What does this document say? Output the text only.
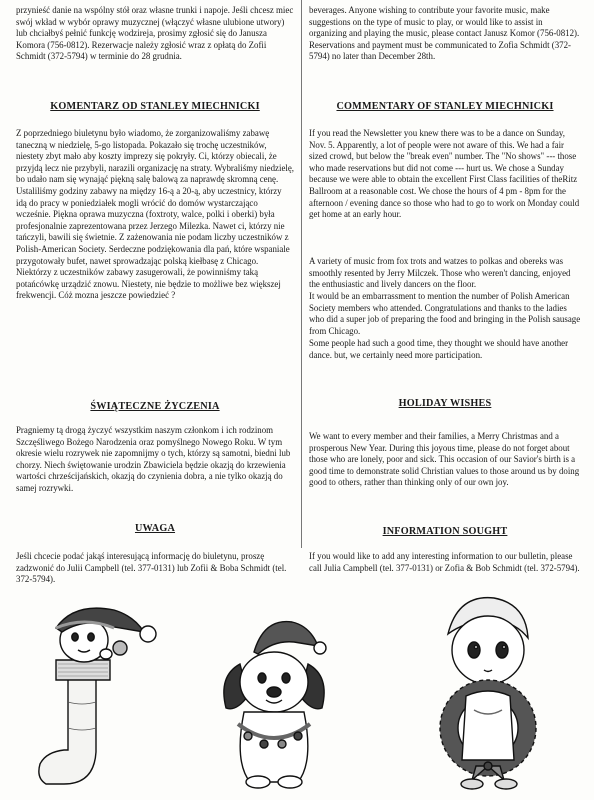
przynieść danie na wspólny stół oraz własne trunki i napoje. Jeśli chcesz miec swój wkład w wybór oprawy muzycznej (włączyć własne ulubione utwory) lub chciałbyś pełnić funkcję wodzireja, prosimy zgłosić się do Janusza Komora (756-0812). Rezerwacje należy zgłosić wraz z opłatą do Zofii Schmidt (372-5794) w terminie do 28 grudnia.

KOMENTARZ OD STANLEY MIECHNICKI

Z poprzedniego biuletynu było wiadomo, że zorganizowaliśmy zabawę taneczną w niedzielę, 5-go listopada. Pokazało się trochę uczestników, niestety zbyt mało aby koszty imprezy się pokryły. Ci, którzy obiecali, że przyjdą lecz nie przybyli, narazili organizację na straty. Wybraliśmy niedzielę, bo udało nam się wynająć piękną salę balową za naprawdę skromną cenę. Ustaliliśmy godziny zabawy na między 16-ą a 20-ą, aby uczestnicy, którzy idą do pracy w poniedziałek mogli wrócić do domów wystarczająco wcześnie. Piękna oprawa muzyczna (foxtroty, walce, polki i oberki) była profesjonalnie zaprezentowana przez Jerzego Milezka. Nawet ci, którzy nie tańczyli, bawili się świetnie. Z zażenowania nie podam liczby uczestników z Polish-American Society. Serdeczne podziękowania dla pań, które wspaniale przygotowały bufet, nawet sprowadzając polską kiełbasę z Chicago. Niektórzy z uczestników zabawy zasugerowali, że powinniśmy taką potańcówkę urządzić znowu. Niestety, nie będzie to możliwe bez większej frekwencji. Cóż mozna jeszcze powiedzieć ?

ŚWIĄTECZNE ŻYCZENIA

Pragniemy tą drogą życzyć wszystkim naszym członkom i ich rodzinom Szczęśliwego Bożego Narodzenia oraz pomyślnego Nowego Roku. W tym okresie wielu rozrywek nie zapomnijmy o tych, którzy są samotni, biedni lub chorzy. Niech świętowanie urodzin Zbawiciela będzie okazją do krzewienia wartości chrześcijańskich, okazją do czynienia dobra, a nie tylko okazją do samej rozrywki.

UWAGA

Jeśli chcecie podać jakąś interesującą informację do biuletynu, proszę zadzwonić do Julii Campbell (tel. 377-0131) lub Zofii & Boba Schmidt (tel. 372-5794).

beverages. Anyone wishing to contribute your favorite music, make suggestions on the type of music to play, or would like to assist in organizing and playing the music, please contact Janusz Komor (756-0812). Reservations and payment must be communicated to Zofia Schmidt (372-5794) no later than December 28th.

COMMENTARY OF STANLEY MIECHNICKI

If you read the Newsletter you knew there was to be a dance on Sunday, Nov. 5. Apparently, a lot of people were not aware of this. We had a fair sized crowd, but below the "break even" number. The "No shows" --- those who made reservations but did not come --- hurt us. We chose a Sunday because we were able to obtain the excellent First Class facilities of theRitz Ballroom at a reasonable cost. We chose the hours of 4 pm - 8pm for the afternoon / evening dance so those who had to go to work on Monday could get home at an early hour.

A variety of music from fox trots and watzes to polkas and obereks was smoothly resented by Jerry Milczek. Those who weren't dancing, enjoyed the enthusiastic and lively dancers on the floor.

It would be an embarrassment to mention the number of Polish American Society members who attended. Congratulations and thanks to the ladies who did a super job of preparing the food and bringing in the Polish sausage from Chicago.

Some people had such a good time, they thought we should have another dance. but, we certainly need more participation.

HOLIDAY WISHES

We want to every member and their families, a Merry Christmas and a prosperous New Year. During this joyous time, please do not forget about those who are lonely, poor and sick. This occasion of our Savior's birth is a good time to demonstrate solid Christian values to those around us by doing good to others, rather than thinking only of our own joy.

INFORMATION SOUGHT

If you would like to add any interesting information to our bulletin, please call Julia Campbell (tel. 377-0131) or Zofia & Bob Schmidt (tel. 372-5794).
